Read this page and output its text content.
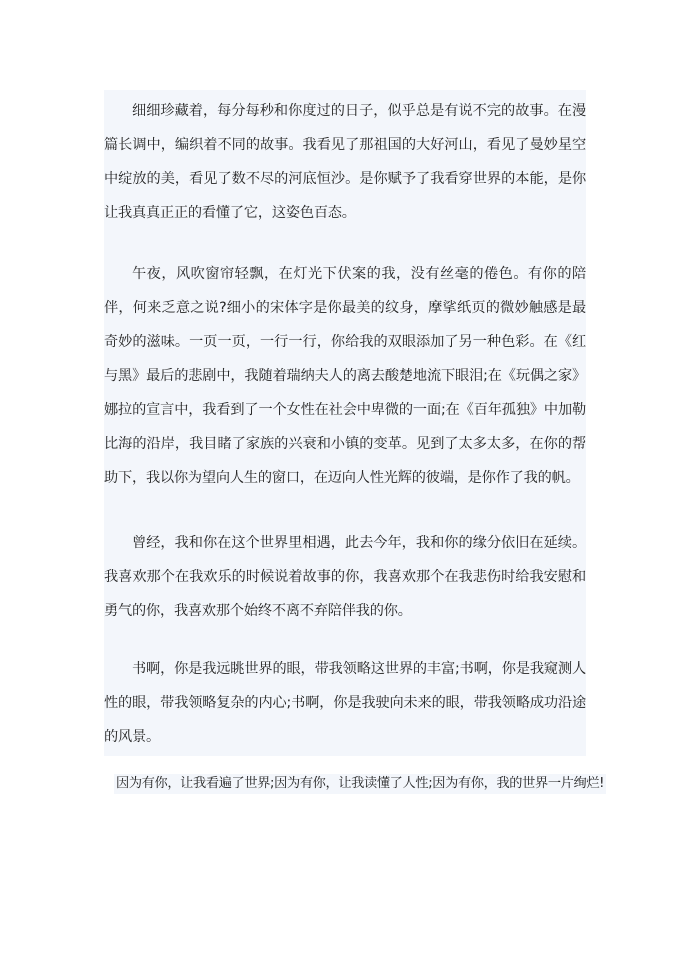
细细珍藏着，每分每秒和你度过的日子，似乎总是有说不完的故事。在漫篇长调中，编织着不同的故事。我看见了那祖国的大好河山，看见了曼妙星空中绽放的美，看见了数不尽的河底恒沙。是你赋予了我看穿世界的本能，是你让我真真正正的看懂了它，这姿色百态。
午夜，风吹窗帘轻飘，在灯光下伏案的我，没有丝毫的倦色。有你的陪伴，何来乏意之说?细小的宋体字是你最美的纹身，摩挲纸页的微妙触感是最奇妙的滋味。一页一页，一行一行，你给我的双眼添加了另一种色彩。在《红与黑》最后的悲剧中，我随着瑞纳夫人的离去酸楚地流下眼泪;在《玩偶之家》娜拉的宣言中，我看到了一个女性在社会中卑微的一面;在《百年孤独》中加勒比海的沿岸，我目睹了家族的兴衰和小镇的变革。见到了太多太多，在你的帮助下，我以你为望向人生的窗口，在迈向人性光辉的彼端，是你作了我的帆。
曾经，我和你在这个世界里相遇，此去今年，我和你的缘分依旧在延续。我喜欢那个在我欢乐的时候说着故事的你，我喜欢那个在我悲伤时给我安慰和勇气的你，我喜欢那个始终不离不弃陪伴我的你。
书啊，你是我远眺世界的眼，带我领略这世界的丰富;书啊，你是我窥测人性的眼，带我领略复杂的内心;书啊，你是我驶向未来的眼，带我领略成功沿途的风景。
因为有你，让我看遍了世界;因为有你，让我读懂了人性;因为有你，我的世界一片绚烂!
